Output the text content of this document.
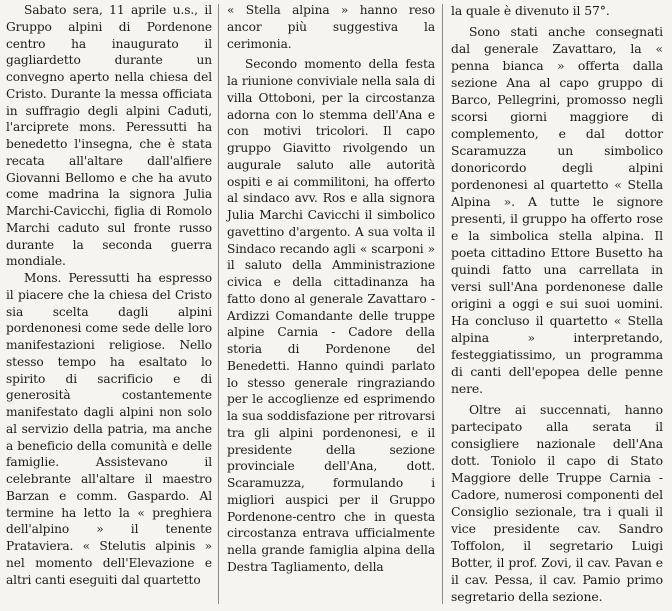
Sabato sera, 11 aprile u.s., il Gruppo alpini di Pordenone centro ha inaugurato il gagliardetto durante un convegno aperto nella chiesa del Cristo. Durante la messa officiata in suffragio degli alpini Caduti, l'arciprete mons. Peressutti ha benedetto l'insegna, che è stata recata all'altare dall'alfiere Giovanni Bellomo e che ha avuto come madrina la signora Julia Marchi-Cavicchi, figlia di Romolo Marchi caduto sul fronte russo durante la seconda guerra mondiale.

Mons. Peressutti ha espresso il piacere che la chiesa del Cristo sia scelta dagli alpini pordenonesi come sede delle loro manifestazioni religiose. Nello stesso tempo ha esaltato lo spirito di sacrificio e di generosità costantemente manifestato dagli alpini non solo al servizio della patria, ma anche a beneficio della comunità e delle famiglie. Assistevano il celebrante all'altare il maestro Barzan e comm. Gaspardo. Al termine ha letto la « preghiera dell'alpino » il tenente Prataviera. « Stelutis alpinis » nel momento dell'Elevazione e altri canti eseguiti dal quartetto

« Stella alpina » hanno reso ancor più suggestiva la cerimonia.

Secondo momento della festa la riunione conviviale nella sala di villa Ottoboni, per la circostanza adorna con lo stemma dell'Ana e con motivi tricolori. Il capo gruppo Giavitto rivolgendo un augurale saluto alle autorità ospiti e ai commilitoni, ha offerto al sindaco avv. Ros e alla signora Julia Marchi Cavicchi il simbolico gavettino d'argento. A sua volta il Sindaco recando agli « scarponi » il saluto della Amministrazione civica e della cittadinanza ha fatto dono al generale Zavattaro - Ardizzi Comandante delle truppe alpine Carnia - Cadore della storia di Pordenone del Benedetti. Hanno quindi parlato lo stesso generale ringraziando per le accoglienze ed esprimendo la sua soddisfazione per ritrovarsi tra gli alpini pordenonesi, e il presidente della sezione provinciale dell'Ana, dott. Scaramuzza, formulando i migliori auspici per il Gruppo Pordenone-centro che in questa circostanza entrava ufficialmente nella grande famiglia alpina della Destra Tagliamento, della

la quale è divenuto il 57°.

Sono stati anche consegnati dal generale Zavattaro, la « penna bianca » offerta dalla sezione Ana al capo gruppo di Barco, Pellegrini, promosso negli scorsi giorni maggiore di complemento, e dal dottor Scaramuzza un simbolico donoricordo degli alpini pordenonesi al quartetto « Stella Alpina ». A tutte le signore presenti, il gruppo ha offerto rose e la simbolica stella alpina. Il poeta cittadino Ettore Busetto ha quindi fatto una carrellata in versi sull'Ana pordenonese dalle origini a oggi e sui suoi uomini. Ha concluso il quartetto « Stella alpina » interpretando, festeggiatissimo, un programma di canti dell'epopea delle penne nere.

Oltre ai succennati, hanno partecipato alla serata il consigliere nazionale dell'Ana dott. Toniolo il capo di Stato Maggiore delle Truppe Carnia - Cadore, numerosi componenti del Consiglio sezionale, tra i quali il vice presidente cav. Sandro Toffolon, il segretario Luigi Botter, il prof. Zovi, il cav. Pavan e il cav. Pessa, il cav. Pamio primo segretario della sezione.
